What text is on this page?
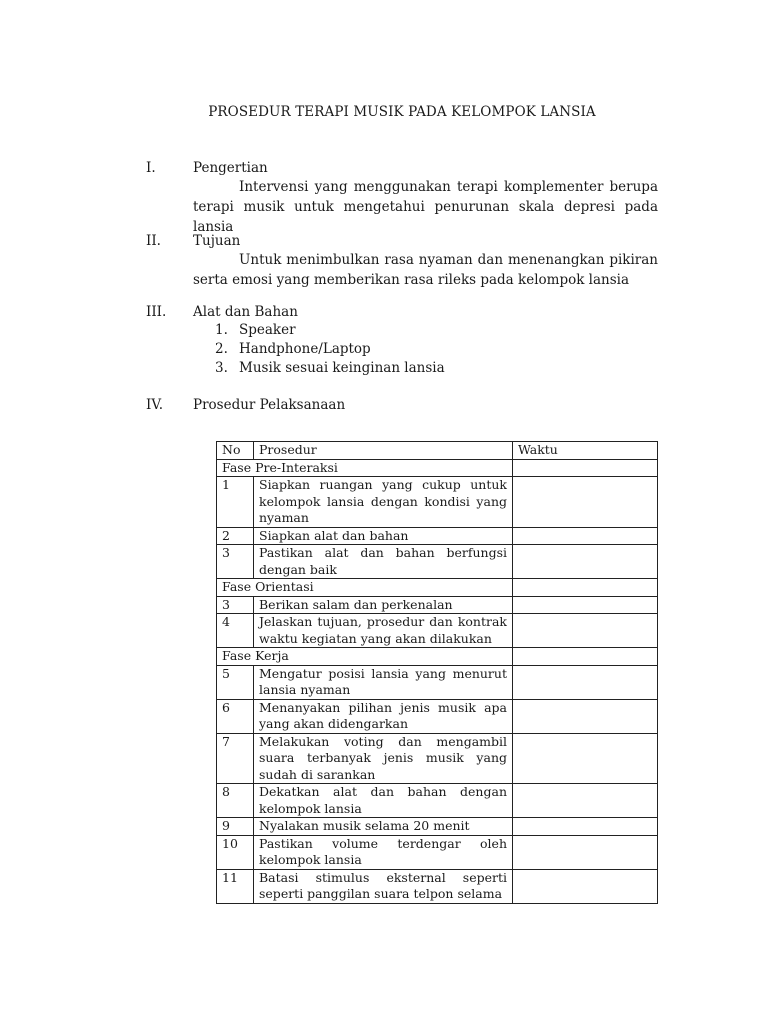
PROSEDUR TERAPI MUSIK PADA KELOMPOK LANSIA
I.	Pengertian
Intervensi yang menggunakan terapi komplementer berupa terapi musik untuk mengetahui penurunan skala depresi pada lansia
II. Tujuan
Untuk menimbulkan rasa nyaman dan menenangkan pikiran serta emosi yang memberikan rasa rileks pada kelompok lansia
III. Alat dan Bahan
1. Speaker
2. Handphone/Laptop
3. Musik sesuai keinginan lansia
IV. Prosedur Pelaksanaan
No	Prosedur	Waktu
Fase Pre-Interaksi		
1	Siapkan ruangan yang cukup untuk kelompok lansia dengan kondisi yang nyaman	
2	Siapkan alat dan bahan	
3	Pastikan alat dan bahan berfungsi dengan baik	
Fase Orientasi		
3	Berikan salam dan perkenalan	
4	Jelaskan tujuan, prosedur dan kontrak waktu kegiatan yang akan dilakukan	
Fase Kerja		
5	Mengatur posisi lansia yang menurut lansia nyaman	
6	Menanyakan pilihan jenis musik apa yang akan didengarkan	
7	Melakukan voting dan mengambil suara terbanyak jenis musik yang sudah di sarankan	
8	Dekatkan alat dan bahan dengan kelompok lansia	
9	Nyalakan musik selama 20 menit	
10	Pastikan volume terdengar oleh kelompok lansia	
11	Batasi stimulus eksternal seperti seperti panggilan suara telpon selama	
